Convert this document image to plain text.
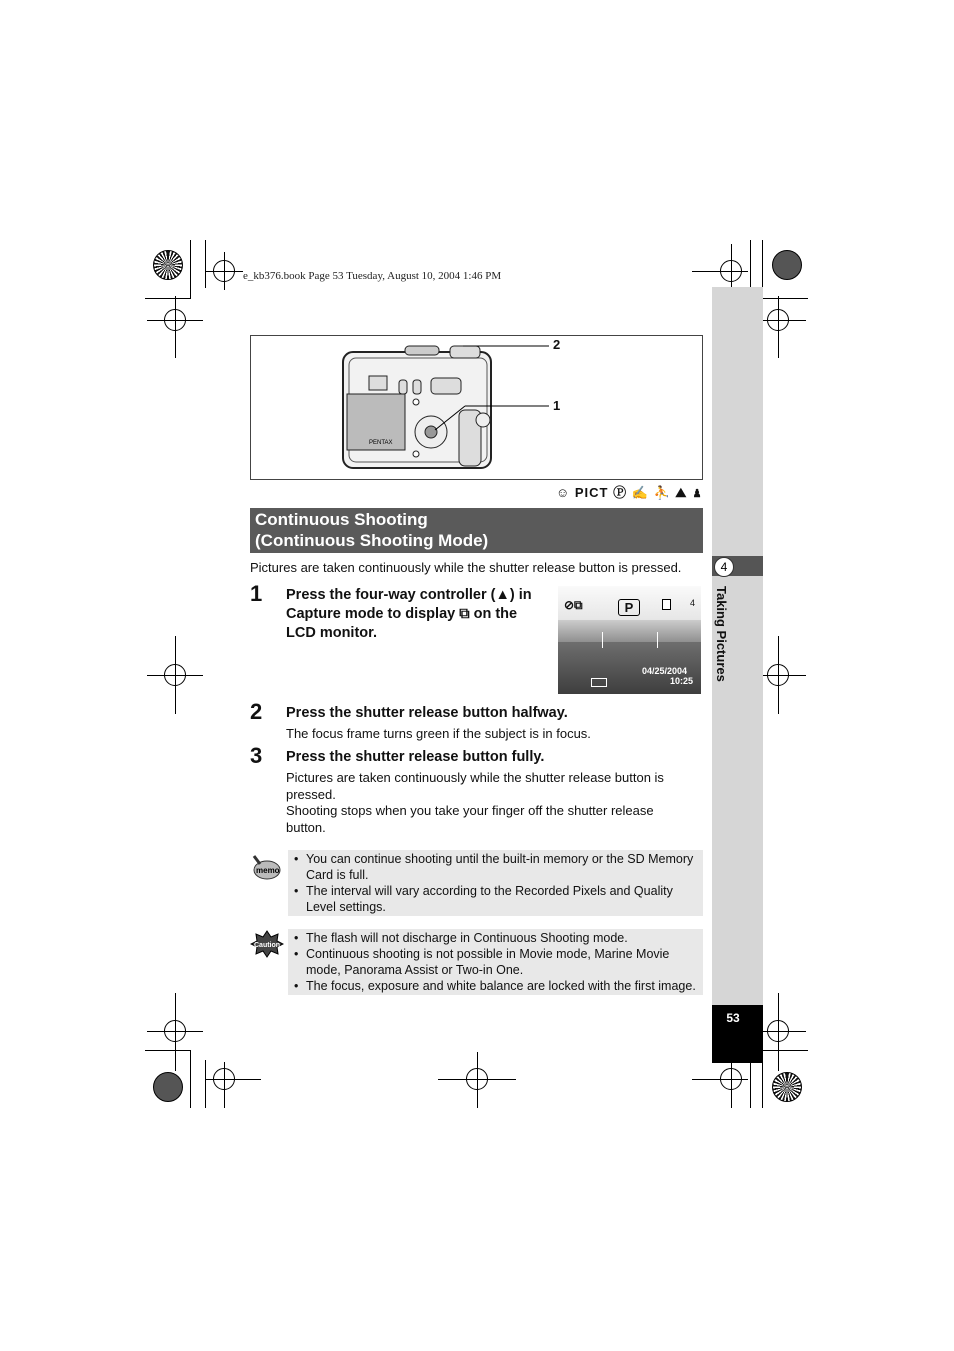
e_kb376.book Page 53 Tuesday, August 10, 2004 1:46 PM
4
Taking Pictures
53
PENTAX
2
1
☺ PICT Ⓟ ✍ ⛹ ⛰ ♟
Continuous Shooting
(Continuous Shooting Mode)
Pictures are taken continuously while the shutter release button is pressed.
1 Press the four-way controller (▲) in Capture mode to display ⧉ on the LCD monitor.
⊘⧉	P	4
04/25/2004
10:25
2 Press the shutter release button halfway.
The focus frame turns green if the subject is in focus.
3 Press the shutter release button fully.
Pictures are taken continuously while the shutter release button is pressed.
Shooting stops when you take your finger off the shutter release button.
memo
• You can continue shooting until the built-in memory or the SD Memory Card is full.
• The interval will vary according to the Recorded Pixels and Quality Level settings.
Caution
• The flash will not discharge in Continuous Shooting mode.
• Continuous shooting is not possible in Movie mode, Marine Movie mode, Panorama Assist or Two-in One.
• The focus, exposure and white balance are locked with the first image.
